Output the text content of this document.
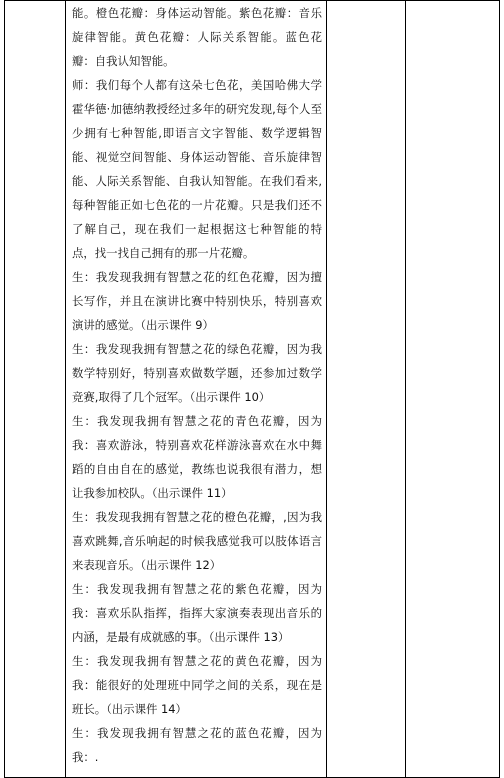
能。橙色花瓣：身体运动智能。紫色花瓣：音乐旋律智能。黄色花瓣：人际关系智能。蓝色花瓣：自我认知智能。

师：我们每个人都有这朵七色花，美国哈佛大学霍华德·加德纳教授经过多年的研究发现,每个人至少拥有七种智能,即语言文字智能、数学逻辑智能、视觉空间智能、身体运动智能、音乐旋律智能、人际关系智能、自我认知智能。在我们看来,每种智能正如七色花的一片花瓣。只是我们还不了解自己，现在我们一起根据这七种智能的特点，找一找自己拥有的那一片花瓣。

生：我发现我拥有智慧之花的红色花瓣，因为擅长写作，并且在演讲比赛中特别快乐，特别喜欢演讲的感觉。（出示课件 9）

生：我发现我拥有智慧之花的绿色花瓣，因为我数学特别好，特别喜欢做数学题，还参加过数学竞赛,取得了几个冠军。（出示课件 10）

生：我发现我拥有智慧之花的青色花瓣，因为我：喜欢游泳，特别喜欢花样游泳喜欢在水中舞蹈的自由自在的感觉，教练也说我很有潜力，想让我参加校队。（出示课件 11）

生：我发现我拥有智慧之花的橙色花瓣，,因为我喜欢跳舞,音乐响起的时候我感觉我可以肢体语言来表现音乐。（出示课件 12）

生：我发现我拥有智慧之花的紫色花瓣，因为我：喜欢乐队指挥，指挥大家演奏表现出音乐的内涵，是最有成就感的事。（出示课件 13）

生：我发现我拥有智慧之花的黄色花瓣，因为我：能很好的处理班中同学之间的关系，现在是班长。（出示课件 14）

生：我发现我拥有智慧之花的蓝色花瓣，因为我：.
